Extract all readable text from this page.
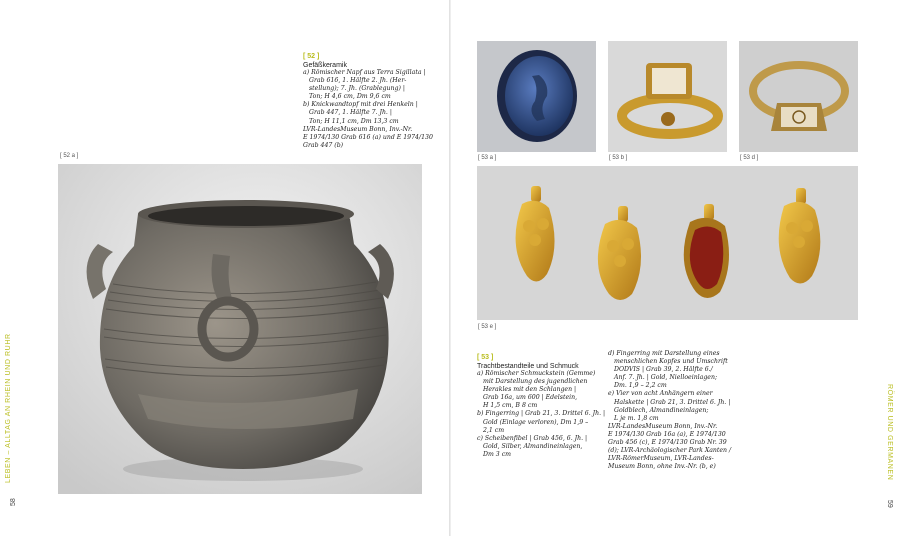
LEBEN – ALLTAG AN RHEIN UND RUHR
58
[ 52 a ]
[ 52 ]
Gefäßkeramik
a) Römischer Napf aus Terra Sigillata |
Grab 616, 1. Hälfte 2. Jh. (Her-
stellung); 7. Jh. (Grablegung) |
Ton; H 4,6 cm, Dm 9,6 cm
b) Knickwandtopf mit drei Henkeln |
Grab 447, 1. Hälfte 7. Jh. |
Ton; H 11,1 cm, Dm 13,3 cm
LVR-LandesMuseum Bonn, Inv.-Nr.
E 1974/130 Grab 616 (a) und E 1974/130
Grab 447 (b)
[ 53 a ]	[ 53 b ]	[ 53 d ]
[ 53 e ]
[ 53 ]
Trachtbestandteile und Schmuck
a) Römischer Schmuckstein (Gemme)
mit Darstellung des jugendlichen
Herakles mit den Schlangen |
Grab 16a, um 600 | Edelstein,
H 1,5 cm, B 8 cm
b) Fingerring | Grab 21, 3. Drittel 6. Jh. |
Gold (Einlage verloren), Dm 1,9 –
2,1 cm
c) Scheibenfibel | Grab 456, 6. Jh. |
Gold, Silber, Almandineinlagen,
Dm 3 cm
d) Fingerring mit Darstellung eines
menschlichen Kopfes und Umschrift
DODVIS | Grab 39, 2. Hälfte 6./
Anf. 7. Jh. | Gold, Nielloeinlagen;
Dm. 1,9 – 2,2 cm
e) Vier von acht Anhängern einer
Halskette | Grab 21, 3. Drittel 6. Jh. |
Goldblech, Almandineinlagen;
L je m. 1,8 cm
LVR-LandesMuseum Bonn, Inv.-Nr.
E 1974/130 Grab 16a (a), E 1974/130
Grab 456 (c), E 1974/130 Grab Nr. 39
(d); LVR-Archäologischer Park Xanten /
LVR-RömerMuseum, LVR-Landes-
Museum Bonn, ohne Inv.-Nr. (b, e)	RÖMER UND GERMANEN
59
